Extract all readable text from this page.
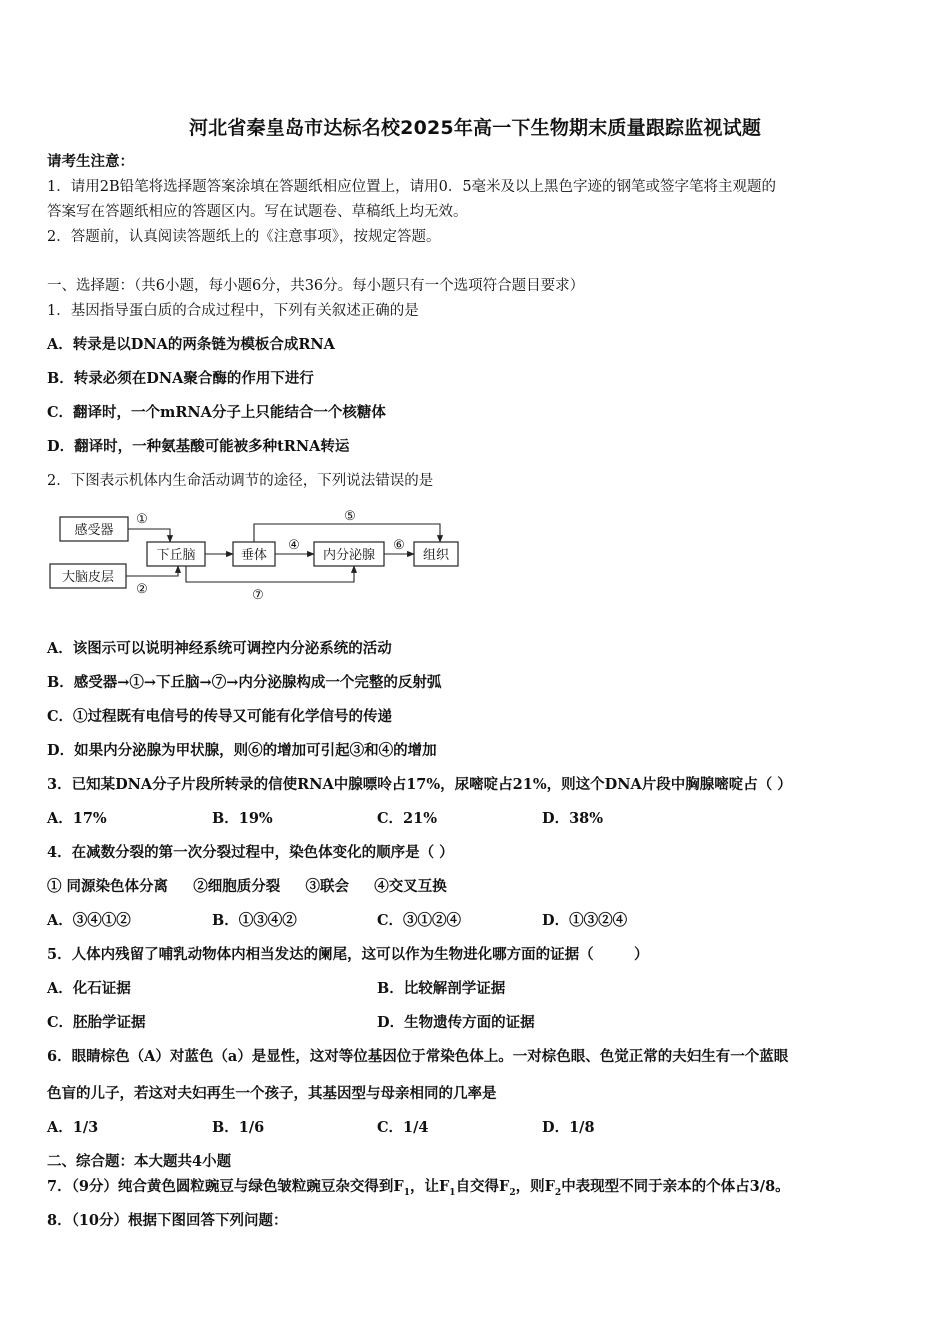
河北省秦皇岛市达标名校2025年高一下生物期末质量跟踪监视试题
请考生注意：
1．请用2B铅笔将选择题答案涂填在答题纸相应位置上，请用0．5毫米及以上黑色字迹的钢笔或签字笔将主观题的
答案写在答题纸相应的答题区内。写在试题卷、草稿纸上均无效。
2．答题前，认真阅读答题纸上的《注意事项》，按规定答题。
一、选择题：（共6小题，每小题6分，共36分。每小题只有一个选项符合题目要求）
1．基因指导蛋白质的合成过程中，下列有关叙述正确的是
A．转录是以DNA的两条链为模板合成RNA
B．转录必须在DNA聚合酶的作用下进行
C．翻译时，一个mRNA分子上只能结合一个核糖体
D．翻译时，一种氨基酸可能被多种tRNA转运
2．下图表示机体内生命活动调节的途径，下列说法错误的是
感受器
大脑皮层
下丘脑	垂体	内分泌腺	组织
①
②
④
⑤
⑥
⑦
A．该图示可以说明神经系统可调控内分泌系统的活动
B．感受器→①→下丘脑→⑦→内分泌腺构成一个完整的反射弧
C．①过程既有电信号的传导又可能有化学信号的传递
D．如果内分泌腺为甲状腺，则⑥的增加可引起③和④的增加
3．已知某DNA分子片段所转录的信使RNA中腺嘌呤占17%，尿嘧啶占21%，则这个DNA片段中胸腺嘧啶占（ ）
A．17%	B．19%	C．21%	D．38%
4．在减数分裂的第一次分裂过程中，染色体变化的顺序是（ ）
① 同源染色体分离     ②细胞质分裂     ③联会     ④交叉互换
A．③④①②	B．①③④②	C．③①②④	D．①③②④
5．人体内残留了哺乳动物体内相当发达的阑尾，这可以作为生物进化哪方面的证据（        ）
A．化石证据	B．比较解剖学证据
C．胚胎学证据	D．生物遗传方面的证据
6．眼睛棕色（A）对蓝色（a）是显性，这对等位基因位于常染色体上。一对棕色眼、色觉正常的夫妇生有一个蓝眼
色盲的儿子，若这对夫妇再生一个孩子，其基因型与母亲相同的几率是
A．1/3	B．1/6	C．1/4	D．1/8
二、综合题：本大题共4小题
7．（9分）纯合黄色圆粒豌豆与绿色皱粒豌豆杂交得到$F_1$，让$F_1$自交得$F_2$，则$F_2$中表现型不同于亲本的个体占3/8。
8．（10分）根据下图回答下列问题：
